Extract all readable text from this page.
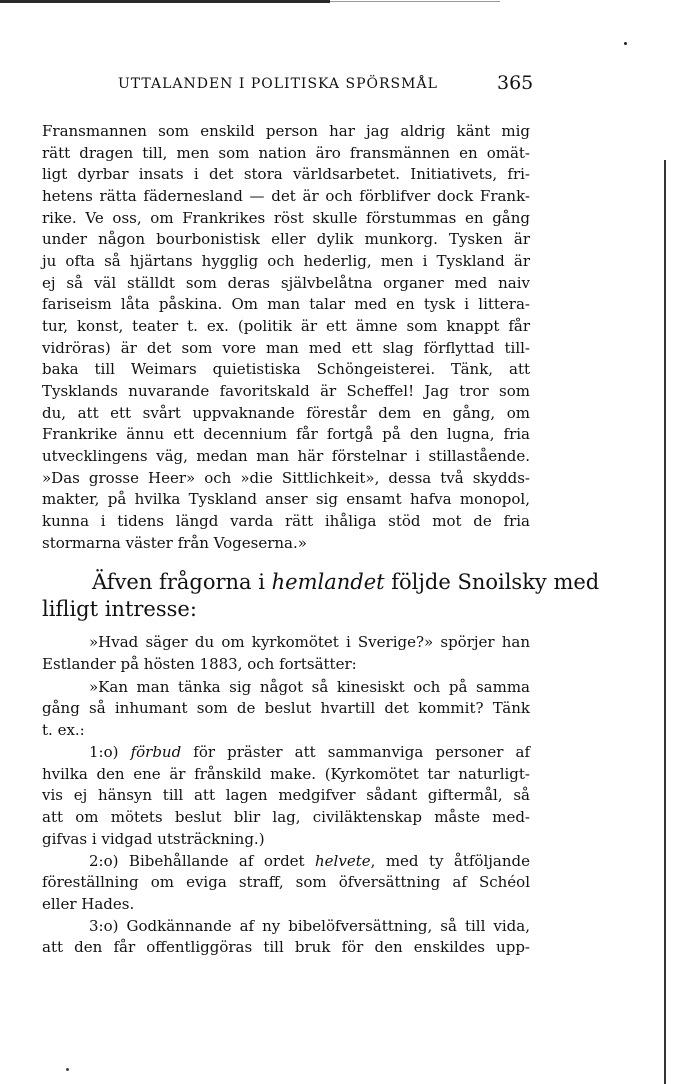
UTTALANDEN I POLITISKA SPÖRSMÅL	365
Fransmannen som enskild person har jag aldrig känt mig
rätt dragen till, men som nation äro fransmännen en omät-
ligt dyrbar insats i det stora världsarbetet. Initiativets, fri-
hetens rätta fädernesland — det är och förblifver dock Frank-
rike. Ve oss, om Frankrikes röst skulle förstummas en gång
under någon bourbonistisk eller dylik munkorg. Tysken är
ju ofta så hjärtans hygglig och hederlig, men i Tyskland är
ej så väl ställdt som deras självbelåtna organer med naiv
fariseism låta påskina. Om man talar med en tysk i littera-
tur, konst, teater t. ex. (politik är ett ämne som knappt får
vidröras) är det som vore man med ett slag förflyttad till-
baka till Weimars quietistiska Schöngeisterei. Tänk, att
Tysklands nuvarande favoritskald är Scheffel! Jag tror som
du, att ett svårt uppvaknande förestår dem en gång, om
Frankrike ännu ett decennium får fortgå på den lugna, fria
utvecklingens väg, medan man här förstelnar i stillastående.
»Das grosse Heer» och »die Sittlichkeit», dessa två skydds-
makter, på hvilka Tyskland anser sig ensamt hafva monopol,
kunna i tidens längd varda rätt ihåliga stöd mot de fria
stormarna väster från Vogeserna.»
Äfven frågorna i hemlandet följde Snoilsky med
lifligt intresse:
»Hvad säger du om kyrkomötet i Sverige?» spörjer han
Estlander på hösten 1883, och fortsätter:
»Kan man tänka sig något så kinesiskt och på samma
gång så inhumant som de beslut hvartill det kommit? Tänk
t. ex.:
1:o) förbud för präster att sammanviga personer af
hvilka den ene är frånskild make. (Kyrkomötet tar naturligt-
vis ej hänsyn till att lagen medgifver sådant giftermål, så
att om mötets beslut blir lag, civiläktenskap måste med-
gifvas i vidgad utsträckning.)
2:o) Bibehållande af ordet helvete, med ty åtföljande
föreställning om eviga straff, som öfversättning af Schéol
eller Hades.
3:o) Godkännande af ny bibelöfversättning, så till vida,
att den får offentliggöras till bruk för den enskildes upp-
